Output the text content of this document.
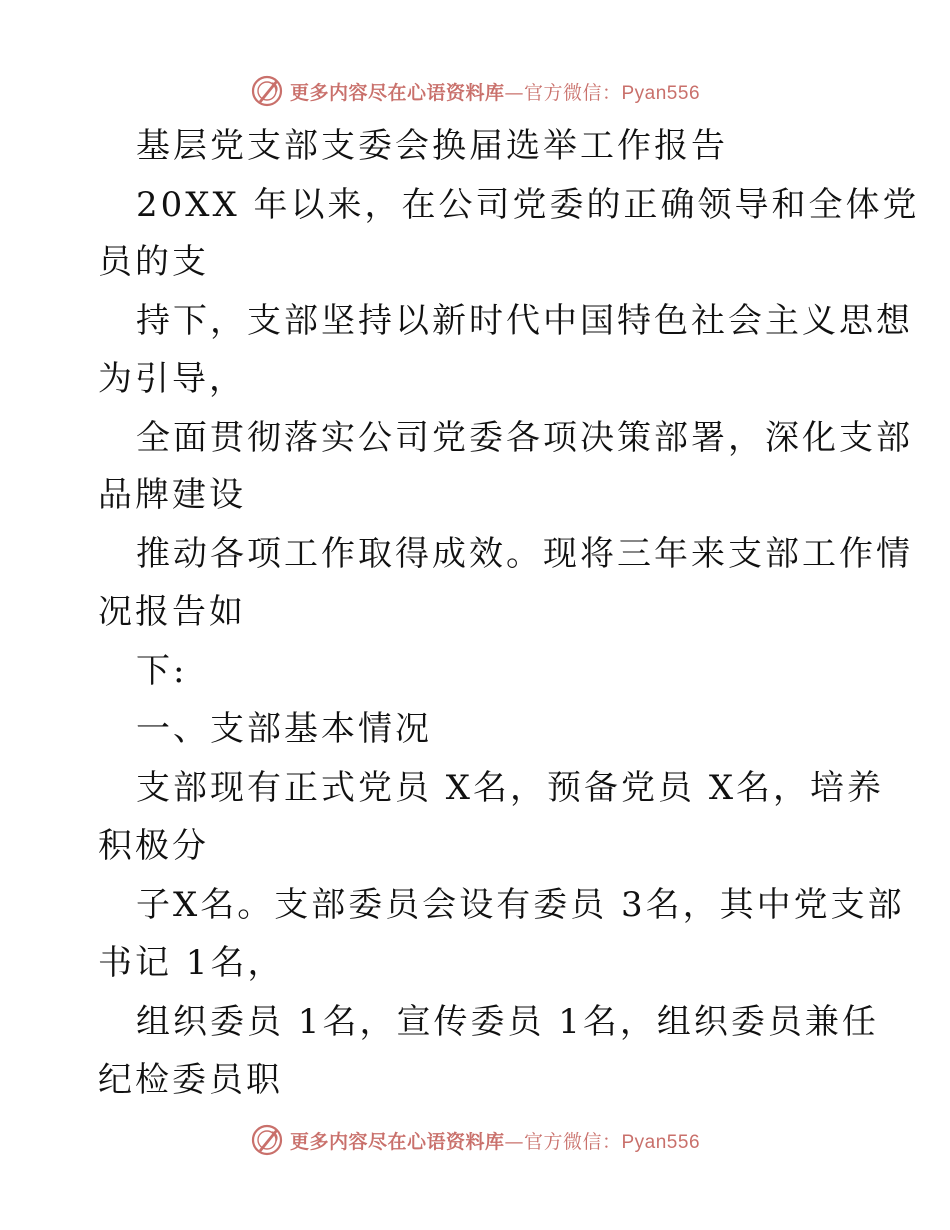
更多内容尽在心语资料库—官方微信：Pyan556
基层党支部支委会换届选举工作报告
20XX 年以来，在公司党委的正确领导和全体党
员的支
持下，支部坚持以新时代中国特色社会主义思想
为引导，
全面贯彻落实公司党委各项决策部署，深化支部
品牌建设
推动各项工作取得成效。现将三年来支部工作情
况报告如
下:
一、支部基本情况
支部现有正式党员 X名，预备党员 X名，培养
积极分
子X名。支部委员会设有委员 3名，其中党支部
书记 1名，
组织委员 1名，宣传委员 1名，组织委员兼任
纪检委员职
更多内容尽在心语资料库—官方微信：Pyan556
